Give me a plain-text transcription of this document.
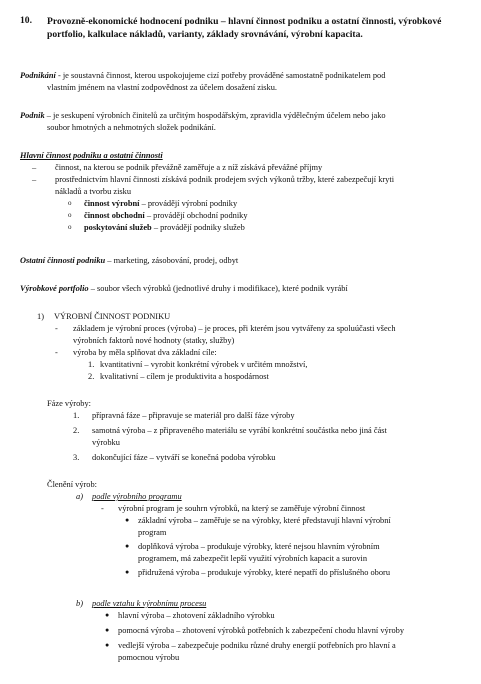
10. Provozně-ekonomické hodnocení podniku – hlavní činnost podniku a ostatní činnosti, výrobkové portfolio, kalkulace nákladů, varianty, základy srovnávání, výrobní kapacita.
Podnikání - je soustavná činnost, kterou uspokojujeme cizí potřeby prováděné samostatně podnikatelem pod
vlastním jménem na vlastní zodpovědnost za účelem dosažení zisku.
Podnik – je seskupení výrobních činitelů za určitým hospodářským, zpravidla výdělečným účelem nebo jako
soubor hmotných a nehmotných složek podnikání.
Hlavní činnost podniku a ostatní činnosti
– činnost, na kterou se podnik převážně zaměřuje a z níž získává převážné příjmy
– prostřednictvím hlavní činnosti získává podnik prodejem svých výkonů tržby, které zabezpečují kryti
nákladů a tvorbu zisku
o činnost výrobní – provádějí výrobní podniky
o činnost obchodní – provádějí obchodní podniky
o poskytování služeb – provádějí podniky služeb
Ostatní činnosti podniku – marketing, zásobování, prodej, odbyt
Výrobkové portfolio – soubor všech výrobků (jednotlivé druhy i modifikace), které podnik vyrábí
1) VÝROBNÍ ČINNOST PODNIKU
- základem je výrobní proces (výroba) – je proces, při kterém jsou vytvářeny za spoluúčasti všech
výrobních faktorů nové hodnoty (statky, služby)
- výroba by měla splňovat dva základní cíle:
1. kvantitativní – vyrobit konkrétní výrobek v určitém množství,
2. kvalitativní – cílem je produktivita a hospodárnost
Fáze výroby:
1. přípravná fáze – připravuje se materiál pro další fáze výroby
2. samotná výroba – z připraveného materiálu se vyrábí konkrétní součástka nebo jiná část
výrobku
3. dokončující fáze – vytváří se konečná podoba výrobku
Členění výrob:
a) podle výrobního programu
- výrobní program je souhrn výrobků, na který se zaměřuje výrobní činnost
● základní výroba – zaměřuje se na výrobky, které představují hlavní výrobní
program
● doplňková výroba – produkuje výrobky, které nejsou hlavním výrobním
programem, má zabezpečit lepší využití výrobních kapacit a surovin
● přidružená výroba – produkuje výrobky, které nepatří do příslušného oboru
b) podle vztahu k výrobnímu procesu
● hlavní výroba – zhotovení základního výrobku
● pomocná výroba – zhotovení výrobků potřebních k zabezpečení chodu hlavní výroby
● vedlejší výroba – zabezpečuje podniku různé druhy energií potřebních pro hlavní a
pomocnou výrobu
